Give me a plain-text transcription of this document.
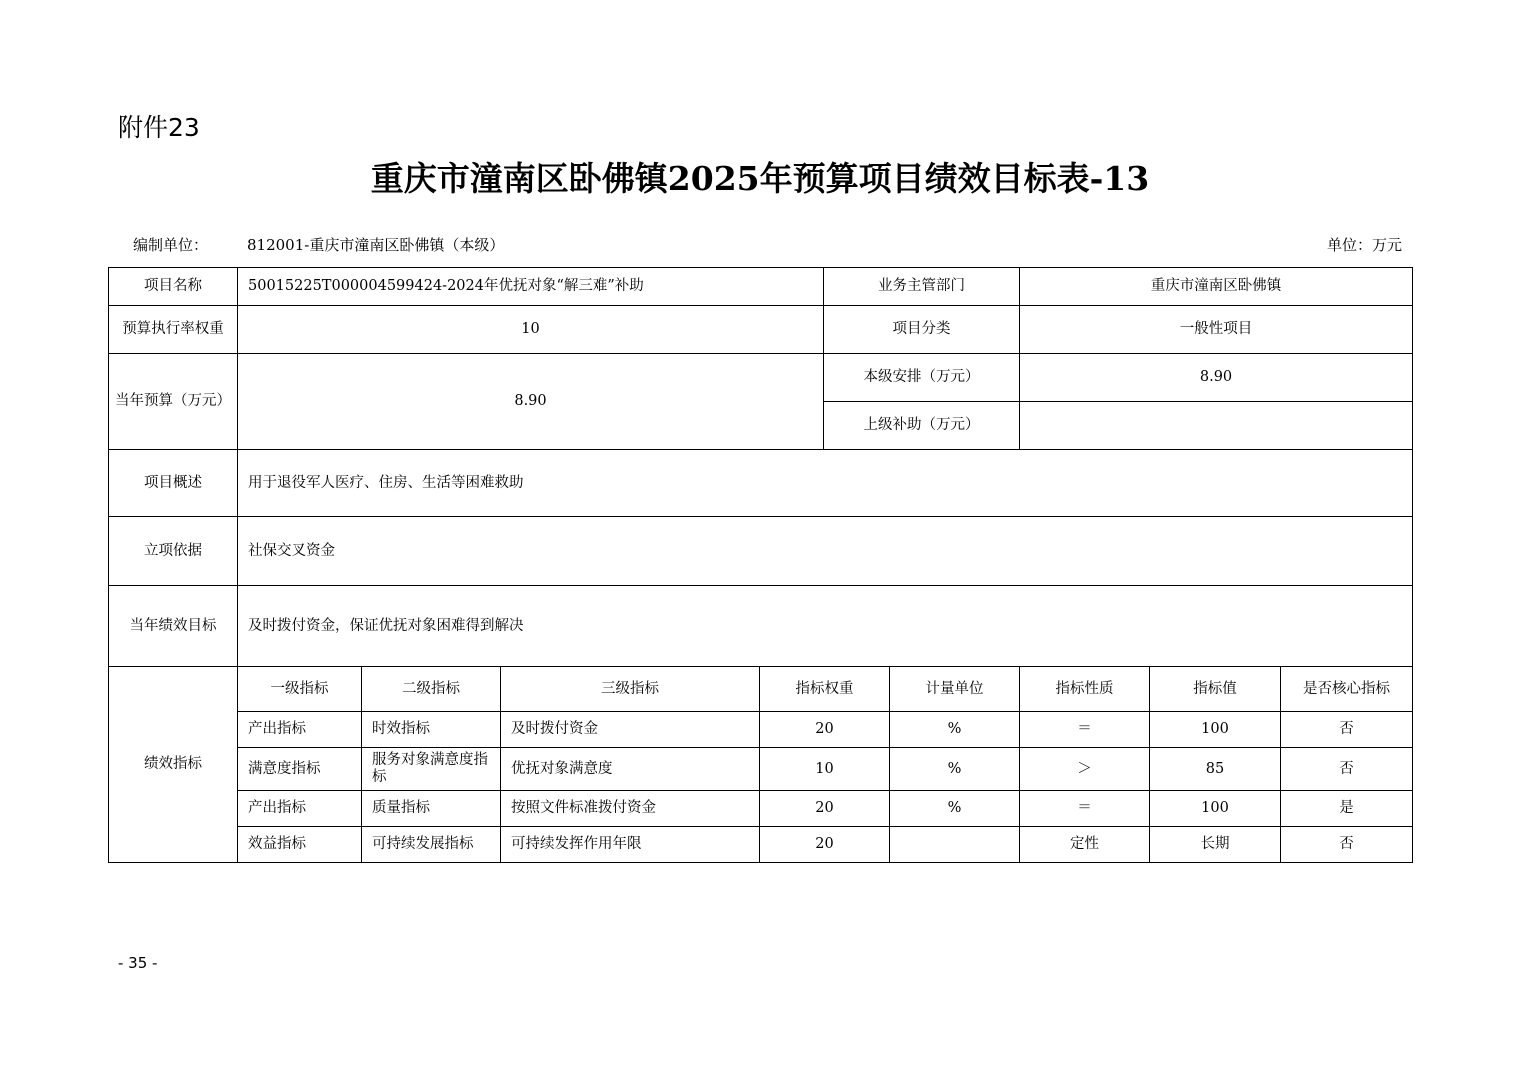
附件23
重庆市潼南区卧佛镇2025年预算项目绩效目标表-13
编制单位：	812001-重庆市潼南区卧佛镇（本级）	单位：万元
项目名称	50015225T000004599424-2024年优抚对象“解三难”补助				业务主管部门		重庆市潼南区卧佛镇		
预算执行率权重	10				项目分类		一般性项目		
当年预算（万元）	8.90				本级安排（万元）		8.90		
					上级补助（万元）				
项目概述	用于退役军人医疗、住房、生活等困难救助								
立项依据	社保交叉资金								
当年绩效目标	及时拨付资金，保证优抚对象困难得到解决								
绩效指标	一级指标	二级指标	三级指标	指标权重		计量单位	指标性质	指标值	是否核心指标
	产出指标	时效指标	及时拨付资金	20		%	＝	100	否
	满意度指标	服务对象满意度指标	优抚对象满意度	10		%	＞	85	否
	产出指标	质量指标	按照文件标准拨付资金	20		%	＝	100	是
	效益指标	可持续发展指标	可持续发挥作用年限	20			定性	长期	否
- 35 -
